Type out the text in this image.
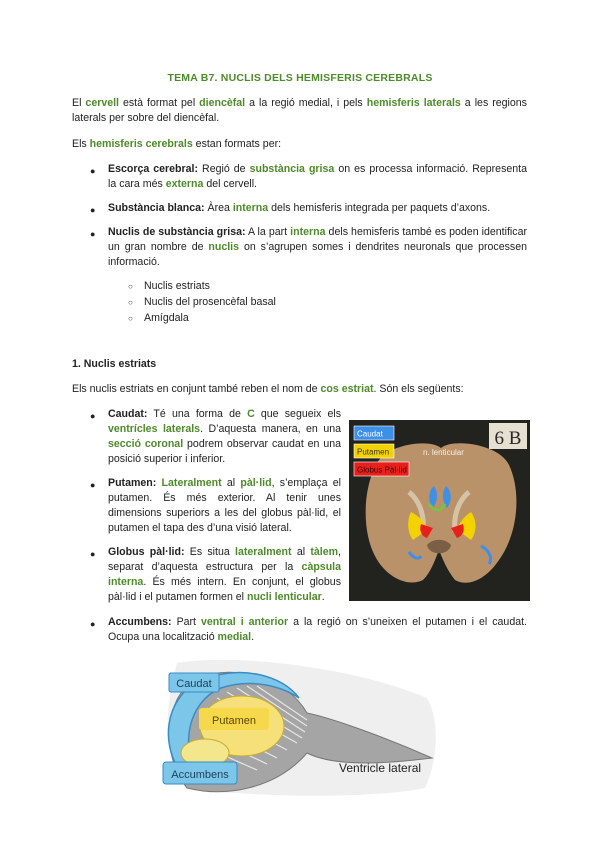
TEMA B7. NUCLIS DELS HEMISFERIS CEREBRALS
El cervell està format pel diencèfal a la regió medial, i pels hemisferis laterals a les regions laterals per sobre del diencèfal.
Els hemisferis cerebrals estan formats per:
● Escorça cerebral: Regió de substància grisa on es processa informació. Representa la cara més externa del cervell.
● Substància blanca: Àrea interna dels hemisferis integrada per paquets d’axons.
● Nuclis de substància grisa: A la part interna dels hemisferis també es poden identificar un gran nombre de nuclis on s’agrupen somes i dendrites neuronals que processen informació.
○ Nuclis estriats
○ Nuclis del prosencèfal basal
○ Amígdala
1. Nuclis estriats
Els nuclis estriats en conjunt també reben el nom de cos estriat. Són els següents:
● Caudat: Té una forma de C que segueix els ventrícles laterals. D’aquesta manera, en una secció coronal podrem observar caudat en una posició superior i inferior.
● Putamen: Lateralment al pàl·lid, s’emplaça el putamen. És més exterior. Al tenir unes dimensions superiors a les del globus pàl·lid, el putamen el tapa des d’una visió lateral.
● Globus pàl·lid: Es situa lateralment al tàlem, separat d’aquesta estructura per la càpsula interna. És més intern. En conjunt, el globus pàl·lid i el putamen formen el nucli lenticular.
● Accumbens: Part ventral i anterior a la regió on s’uneixen el putamen i el caudat. Ocupa una localització medial.
6 B
Caudat
Putamen
Globus Pàl·lid
n. lenticular
Caudat
Putamen
Accumbens	Ventricle lateral
